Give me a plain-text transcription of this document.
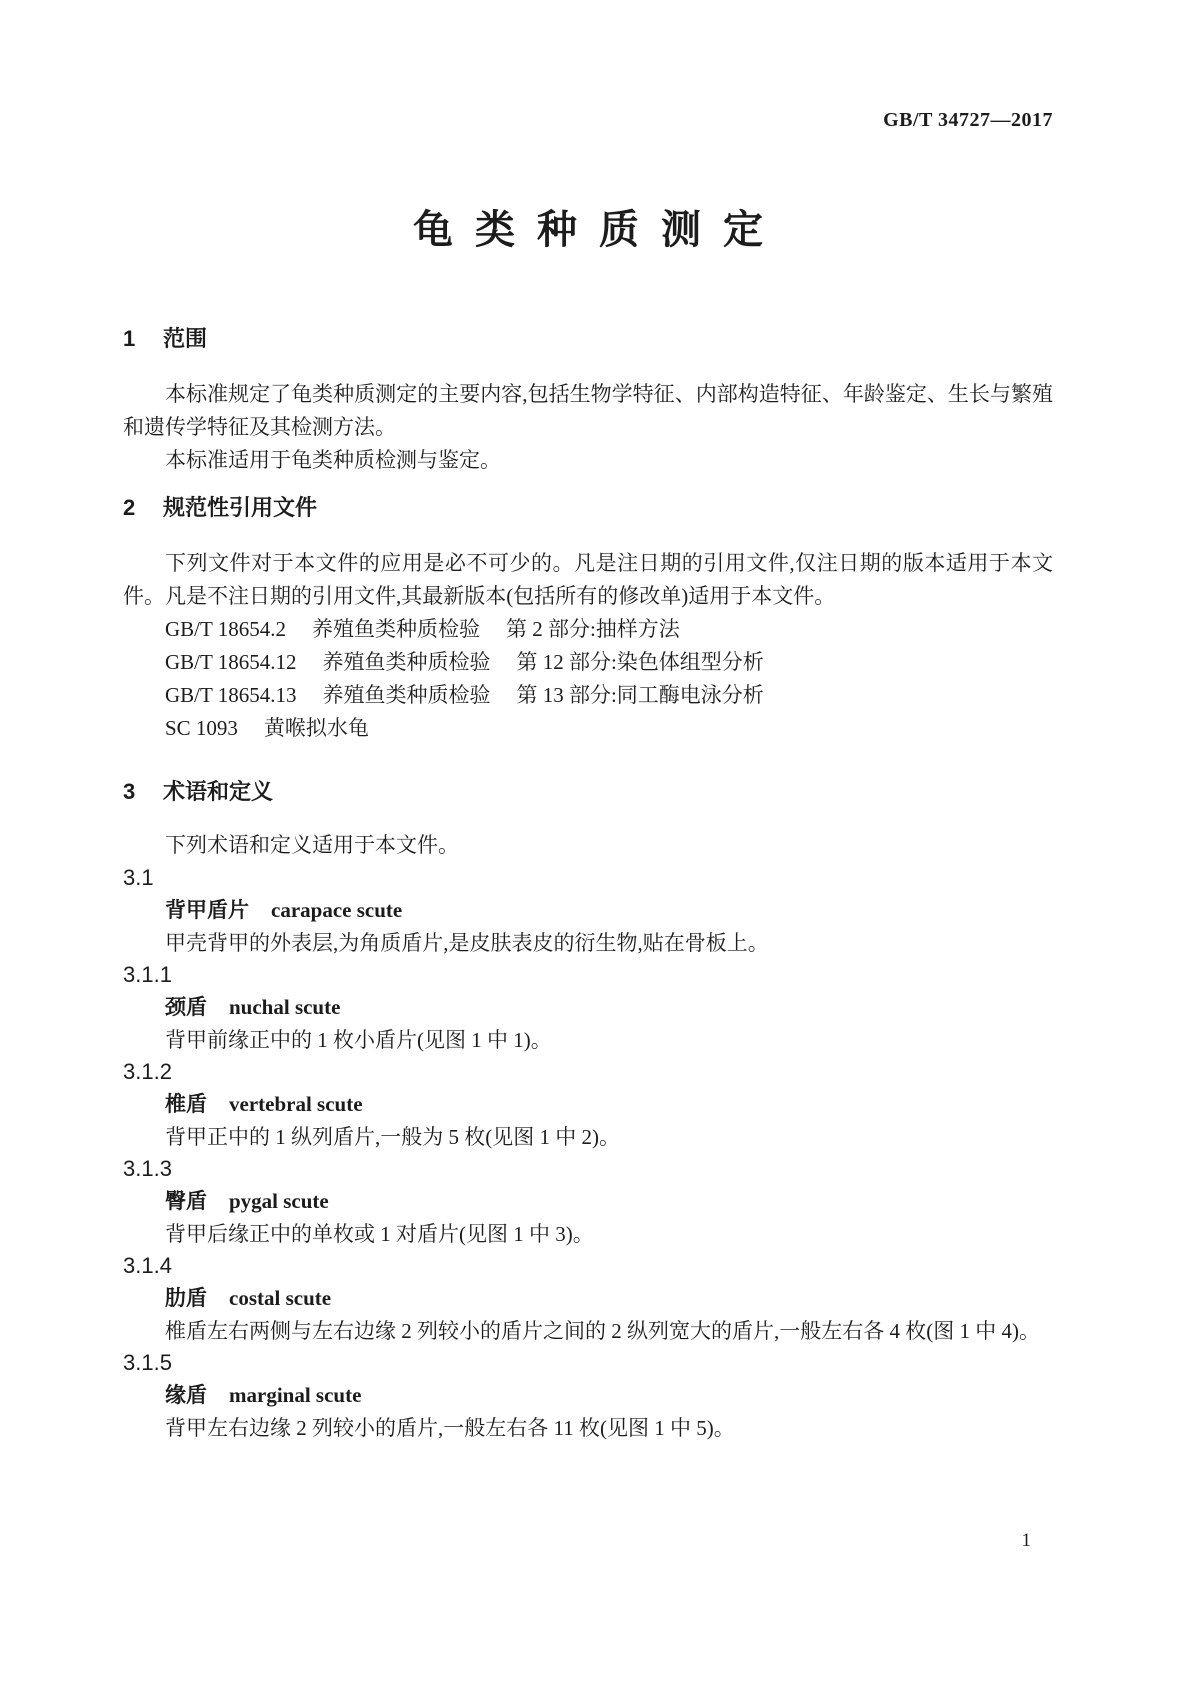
GB/T 34727—2017
龟类种质测定
1 范围

本标准规定了龟类种质测定的主要内容,包括生物学特征、内部构造特征、年龄鉴定、生长与繁殖和遗传学特征及其检测方法。

本标准适用于龟类种质检测与鉴定。

2 规范性引用文件

下列文件对于本文件的应用是必不可少的。凡是注日期的引用文件,仅注日期的版本适用于本文件。凡是不注日期的引用文件,其最新版本(包括所有的修改单)适用于本文件。

GB/T 18654.2 养殖鱼类种质检验 第 2 部分:抽样方法
GB/T 18654.12 养殖鱼类种质检验 第 12 部分:染色体组型分析
GB/T 18654.13 养殖鱼类种质检验 第 13 部分:同工酶电泳分析
SC 1093 黄喉拟水龟
3 术语和定义

下列术语和定义适用于本文件。

3.1
背甲盾片 carapace scute
甲壳背甲的外表层,为角质盾片,是皮肤表皮的衍生物,贴在骨板上。
3.1.1
颈盾 nuchal scute
背甲前缘正中的 1 枚小盾片(见图 1 中 1)。
3.1.2
椎盾 vertebral scute
背甲正中的 1 纵列盾片,一般为 5 枚(见图 1 中 2)。
3.1.3
臀盾 pygal scute
背甲后缘正中的单枚或 1 对盾片(见图 1 中 3)。
3.1.4
肋盾 costal scute
椎盾左右两侧与左右边缘 2 列较小的盾片之间的 2 纵列宽大的盾片,一般左右各 4 枚(图 1 中 4)。
3.1.5
缘盾 marginal scute
背甲左右边缘 2 列较小的盾片,一般左右各 11 枚(见图 1 中 5)。
1
